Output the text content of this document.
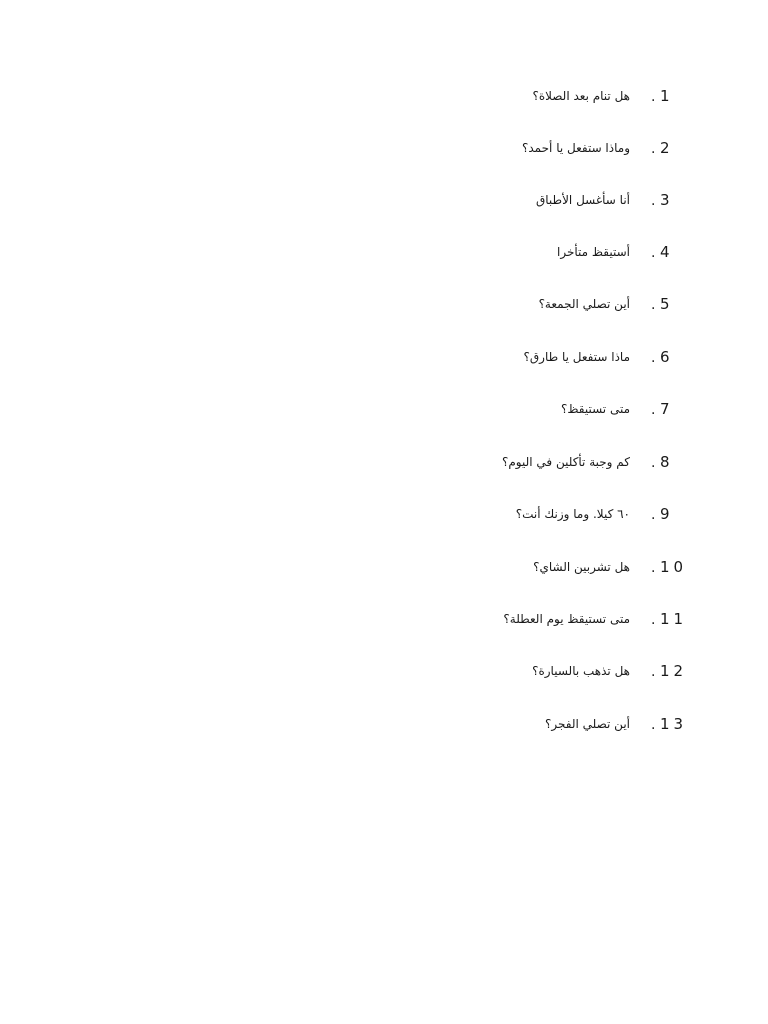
هل تنام بعد الصلاة؟ . 1
وماذا ستفعل يا أحمد؟ . 2
أنا سأغسل الأطباق . 3
أستيقظ متأخرا . 4
أين تصلي الجمعة؟ . 5
ماذا ستفعل يا طارق؟ . 6
متى تستيقظ؟ . 7
كم وجبة تأكلين في اليوم؟ . 8
٦٠ كيلا. وما وزنك أنت؟ . 9
هل تشربين الشاي؟ . 10
متى تستيقظ يوم العطلة؟ . 11
هل تذهب بالسيارة؟ . 12
أين تصلي الفجر؟ . 13
